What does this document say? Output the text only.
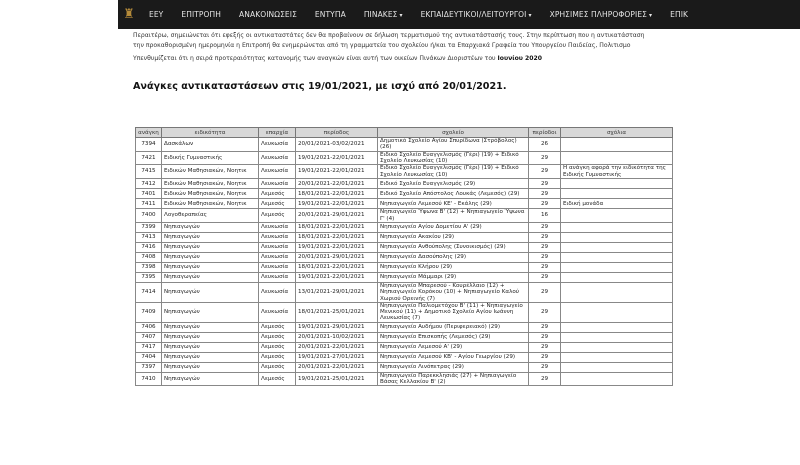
♜	ΕΕΥ	ΕΠΙΤΡΟΠΗ	ΑΝΑΚΟΙΝΩΣΕΙΣ	ΕΝΤΥΠΑ	ΠΙΝΑΚΕΣ ▾	ΕΚΠΑΙΔΕΥΤΙΚΟΙ/ΛΕΙΤΟΥΡΓΟΙ ▾	ΧΡΗΣΙΜΕΣ ΠΛΗΡΟΦΟΡΙΕΣ ▾	ΕΠΙΚ
Περαιτέρω, σημειώνεται ότι εφεξής οι αντικαταστάτες δεν θα προβαίνουν σε δήλωση τερματισμού της αντικατάστασής τους. Στην περίπτωση που η αντικατάσταση
την προκαθορισμένη ημερομηνία η Επιτροπή θα ενημερώνεται από τη γραμματεία του σχολείου ή/και τα Επαρχιακά Γραφεία του Υπουργείου Παιδείας, Πολιτισμο
Υπενθυμίζεται ότι η σειρά προτεραιότητας κατανομής των αναγκών είναι αυτή των οικείων Πινάκων Διοριστέων του Ιουνίου 2020
Ανάγκες αντικαταστάσεων στις 19/01/2021, με ισχύ από 20/01/2021.
ανάγκη	ειδικότητα	επαρχία	περίοδος	σχολείο	περίοδοι	σχόλια
7394	Δασκάλων	Λευκωσία	20/01/2021-03/02/2021	Δημοτικό Σχολείο Αγίου Σπυρίδωνα (Στρόβολος) (26)	26	
7421	Ειδικής Γυμναστικής	Λευκωσία	19/01/2021-22/01/2021	Ειδικό Σχολείο Ευαγγελισμός (Γέρι) (19) + Ειδικό Σχολείο Λευκωσίας (10)	29	
7415	Ειδικών Μαθησιακών, Νοητικ	Λευκωσία	19/01/2021-22/01/2021	Ειδικό Σχολείο Ευαγγελισμός (Γέρι) (19) + Ειδικό Σχολείο Λευκωσίας (10)	29	Η ανάγκη αφορά την ειδικότητα της Ειδικής Γυμναστικής
7412	Ειδικών Μαθησιακών, Νοητικ	Λευκωσία	20/01/2021-22/01/2021	Ειδικό Σχολείο Ευαγγελισμός (29)	29	
7401	Ειδικών Μαθησιακών, Νοητικ	Λεμεσός	18/01/2021-22/01/2021	Ειδικό Σχολείο Απόστολος Λουκάς (Λεμεσός) (29)	29	
7411	Ειδικών Μαθησιακών, Νοητικ	Λεμεσός	19/01/2021-22/01/2021	Νηπιαγωγείο Λεμεσού ΚΕ' - Εκάλης (29)	29	Ειδική μονάδα
7400	Λογοθεραπείας	Λεμεσός	20/01/2021-29/01/2021	Νηπιαγωγείο Ύψωνα Β' (12) + Νηπιαγωγείο Ύψωνα Γ' (4)	16	
7399	Νηπιαγωγών	Λευκωσία	18/01/2021-22/01/2021	Νηπιαγωγείο Αγίου Δομετίου Α' (29)	29	
7413	Νηπιαγωγών	Λευκωσία	18/01/2021-22/01/2021	Νηπιαγωγείο Ακακίου (29)	29	
7416	Νηπιαγωγών	Λευκωσία	19/01/2021-22/01/2021	Νηπιαγωγείο Ανθούπολης (Συνοικισμός) (29)	29	
7408	Νηπιαγωγών	Λευκωσία	20/01/2021-29/01/2021	Νηπιαγωγείο Δασούπολης (29)	29	
7398	Νηπιαγωγών	Λευκωσία	18/01/2021-22/01/2021	Νηπιαγωγείο Κλήρου (29)	29	
7395	Νηπιαγωγών	Λευκωσία	19/01/2021-22/01/2021	Νηπιαγωγείο Μάμμαρι (29)	29	
7414	Νηπιαγωγών	Λευκωσία	13/01/2021-29/01/2021	Νηπιαγωγείο Μπαρεσού - Κουρέλλαιο (12) + Νηπιαγωγείο Κορόκου (10) + Νηπιαγωγείο Καλού Χωριού Ορεινής (7)	29	
7409	Νηπιαγωγών	Λευκωσία	18/01/2021-25/01/2021	Νηπιαγωγείο Παλιομετόχου Β' (11) + Νηπιαγωγείο Μενικού (11) + Δημοτικό Σχολείο Αγίου Ιωάννη Λευκωσίας (7)	29	
7406	Νηπιαγωγών	Λεμεσός	19/01/2021-29/01/2021	Νηπιαγωγείο Αυδήμου (Περιφερειακό) (29)	29	
7407	Νηπιαγωγών	Λεμεσός	20/01/2021-10/02/2021	Νηπιαγωγείο Επισκοπής (Λεμεσός) (29)	29	
7417	Νηπιαγωγών	Λεμεσός	20/01/2021-22/01/2021	Νηπιαγωγείο Λεμεσού Α' (29)	29	
7404	Νηπιαγωγών	Λεμεσός	19/01/2021-27/01/2021	Νηπιαγωγείο Λεμεσού ΚΒ' - Αγίου Γεωργίου (29)	29	
7397	Νηπιαγωγών	Λεμεσός	20/01/2021-22/01/2021	Νηπιαγωγείο Λινόπετρας (29)	29	
7410	Νηπιαγωγών	Λεμεσός	19/01/2021-25/01/2021	Νηπιαγωγείο Παρεκκλησιάς (27) + Νηπιαγωγείο Βάσας Κελλακίου Β' (2)	29	
